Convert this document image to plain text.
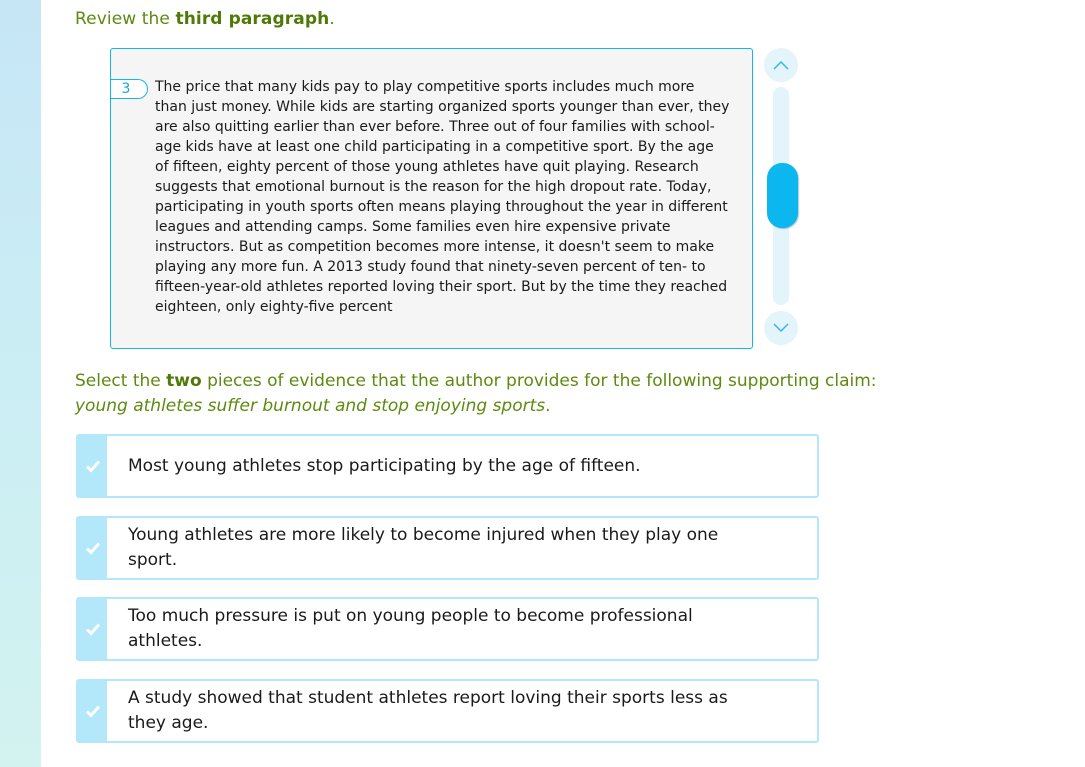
Review the third paragraph.
3	The price that many kids pay to play competitive sports includes much more than just money. While kids are starting organized sports younger than ever, they are also quitting earlier than ever before. Three out of four families with school-age kids have at least one child participating in a competitive sport. By the age of fifteen, eighty percent of those young athletes have quit playing. Research suggests that emotional burnout is the reason for the high dropout rate. Today, participating in youth sports often means playing throughout the year in different leagues and attending camps. Some families even hire expensive private instructors. But as competition becomes more intense, it doesn't seem to make playing any more fun. A 2013 study found that ninety-seven percent of ten- to fifteen-year-old athletes reported loving their sport. But by the time they reached eighteen, only eighty-five percent
Select the two pieces of evidence that the author provides for the following supporting claim:
young athletes suffer burnout and stop enjoying sports.
Most young athletes stop participating by the age of fifteen.
Young athletes are more likely to become injured when they play one sport.
Too much pressure is put on young people to become professional athletes.
A study showed that student athletes report loving their sports less as they age.
